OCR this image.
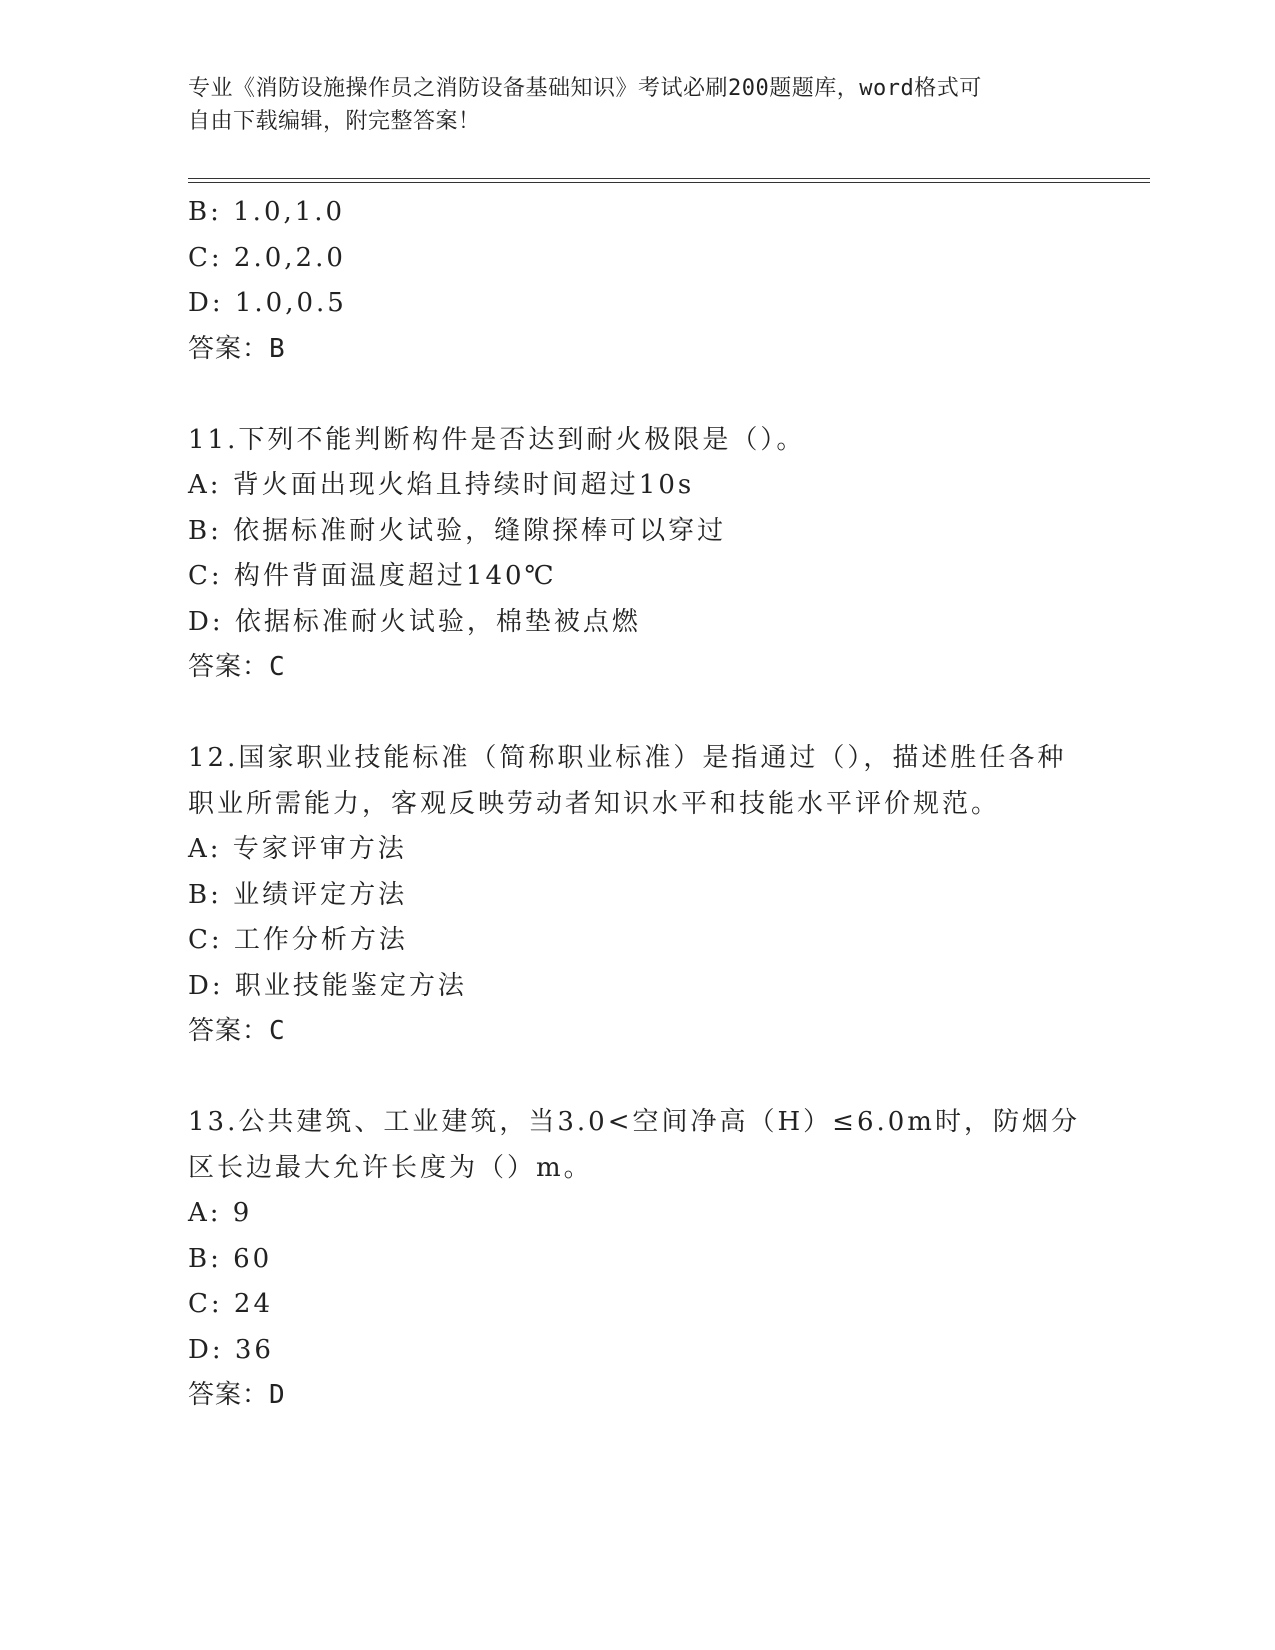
专业《消防设施操作员之消防设备基础知识》考试必刷200题题库，word格式可
自由下载编辑，附完整答案！
B: 1.0,1.0
C: 2.0,2.0
D: 1.0,0.5
答案：B
11.下列不能判断构件是否达到耐火极限是（）。
A: 背火面出现火焰且持续时间超过10s
B: 依据标准耐火试验，缝隙探棒可以穿过
C: 构件背面温度超过140℃
D: 依据标准耐火试验，棉垫被点燃
答案：C
12.国家职业技能标准（简称职业标准）是指通过（），描述胜任各种
职业所需能力，客观反映劳动者知识水平和技能水平评价规范。
A: 专家评审方法
B: 业绩评定方法
C: 工作分析方法
D: 职业技能鉴定方法
答案：C
13.公共建筑、工业建筑，当3.0<空间净高（H）≤6.0m时，防烟分
区长边最大允许长度为（）m。
A: 9
B: 60
C: 24
D: 36
答案：D
